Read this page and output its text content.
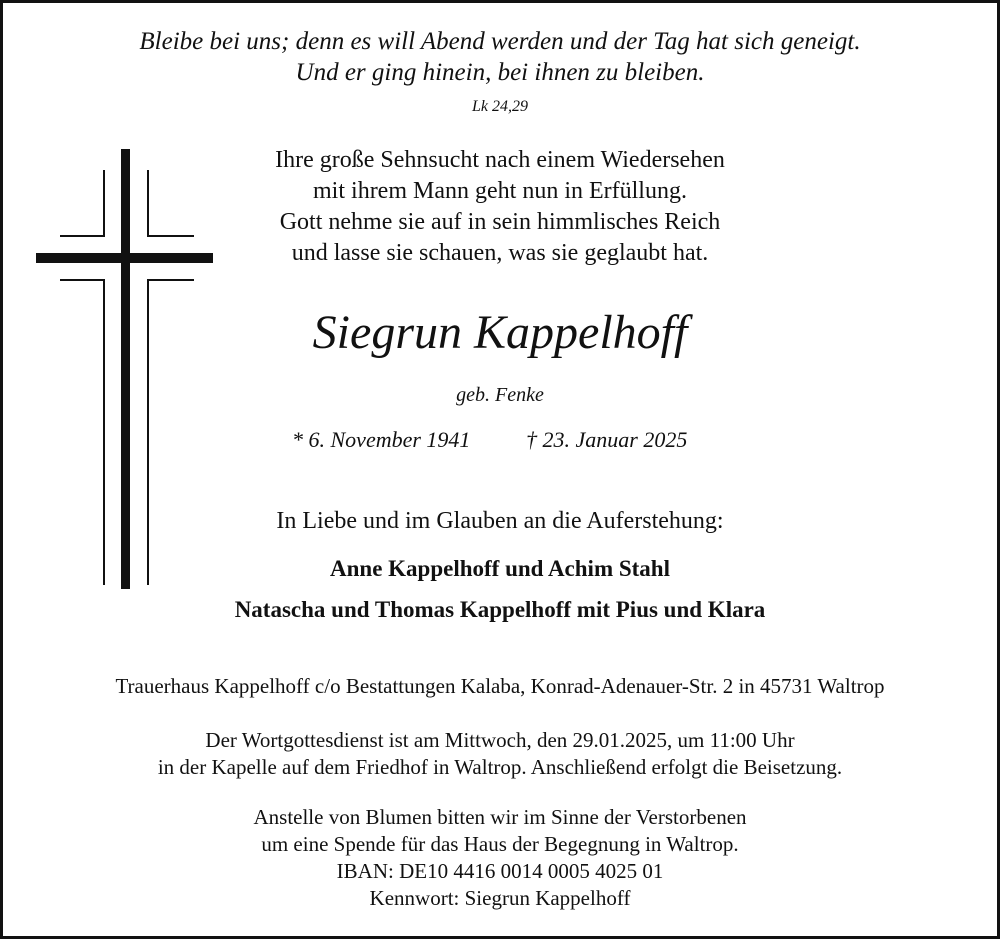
Bleibe bei uns; denn es will Abend werden und der Tag hat sich geneigt.
Und er ging hinein, bei ihnen zu bleiben.
Lk 24,29
Ihre große Sehnsucht nach einem Wiedersehen
mit ihrem Mann geht nun in Erfüllung.
Gott nehme sie auf in sein himmlisches Reich
und lasse sie schauen, was sie geglaubt hat.
Siegrun Kappelhoff
geb. Fenke
* 6. November 1941	† 23. Januar 2025
In Liebe und im Glauben an die Auferstehung:
Anne Kappelhoff und Achim Stahl
Natascha und Thomas Kappelhoff mit Pius und Klara
Trauerhaus Kappelhoff c/o Bestattungen Kalaba, Konrad-Adenauer-Str. 2 in 45731 Waltrop
Der Wortgottesdienst ist am Mittwoch, den 29.01.2025, um 11:00 Uhr
in der Kapelle auf dem Friedhof in Waltrop. Anschließend erfolgt die Beisetzung.
Anstelle von Blumen bitten wir im Sinne der Verstorbenen
um eine Spende für das Haus der Begegnung in Waltrop.
IBAN: DE10 4416 0014 0005 4025 01
Kennwort: Siegrun Kappelhoff
